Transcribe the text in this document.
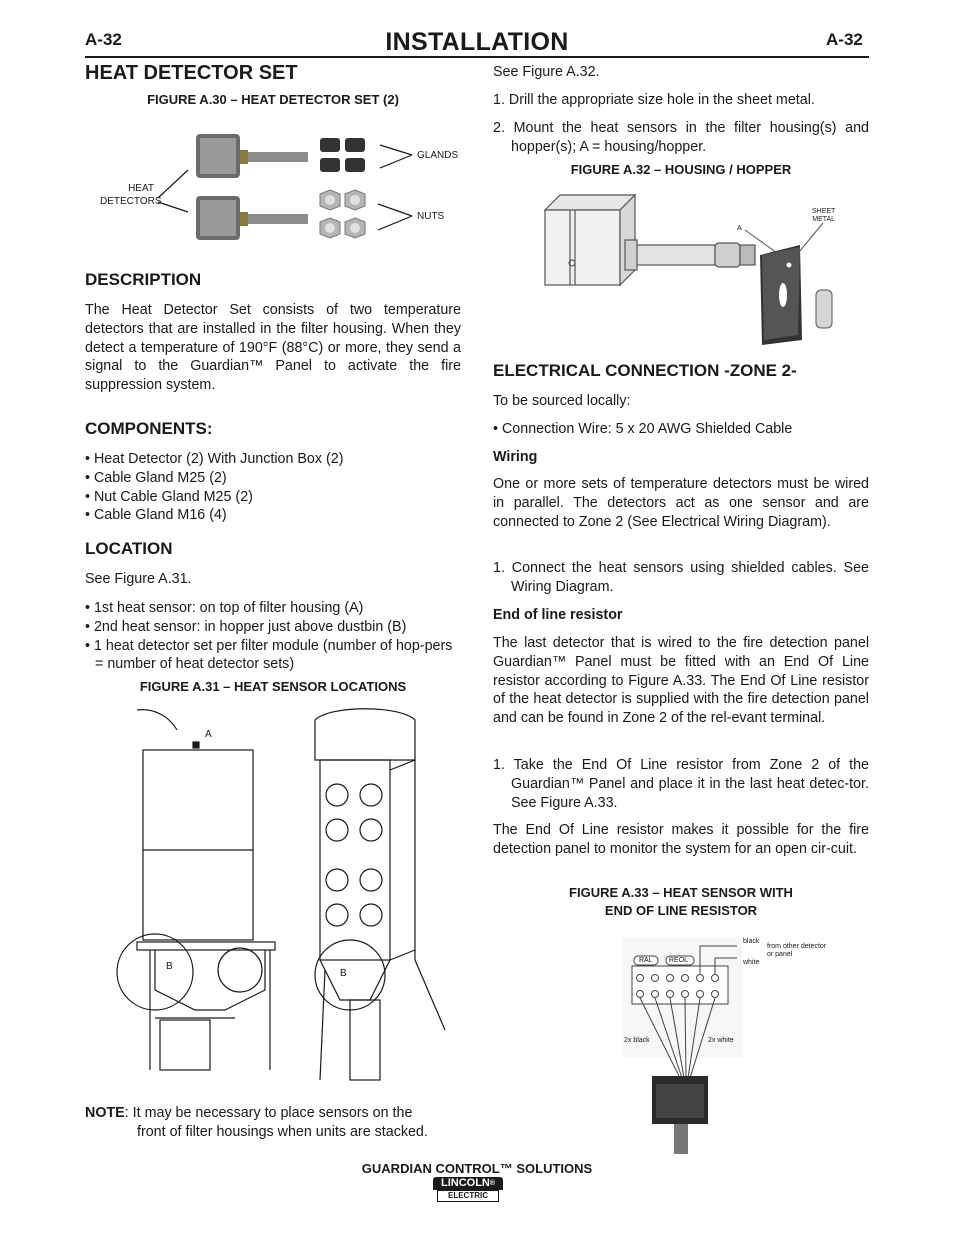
A-32	A-32
INSTALLATION
HEAT DETECTOR SET
FIGURE A.30 – HEAT DETECTOR SET (2)
HEAT
DETECTORS
GLANDS
NUTS
DESCRIPTION
The Heat Detector Set consists of two temperature detectors that are installed in the filter housing. When they detect a temperature of 190°F (88°C) or more, they send a signal to the Guardian™ Panel to activate the fire suppression system.
COMPONENTS:
• Heat Detector (2) With Junction Box (2)
• Cable Gland M25 (2)
• Nut Cable Gland M25 (2)
• Cable Gland M16 (4)
LOCATION
See Figure A.31.
• 1st heat sensor: on top of filter housing (A)
• 2nd heat sensor: in hopper just above dustbin (B)
• 1 heat detector set per filter module (number of hop-pers = number of heat detector sets)
FIGURE A.31 – HEAT SENSOR LOCATIONS
A
B
B
NOTE: It may be necessary to place sensors on the
front of filter housings when units are stacked.
See Figure A.32.

1. Drill the appropriate size hole in the sheet metal.

2. Mount the heat sensors in the filter housing(s) and hopper(s); A = housing/hopper.

FIGURE A.32 – HOUSING / HOPPER
SHEET
METAL
A
ELECTRICAL CONNECTION -ZONE 2-
To be sourced locally:
• Connection Wire: 5 x 20 AWG Shielded Cable
Wiring
One or more sets of temperature detectors must be wired in parallel. The detectors act as one sensor and are connected to Zone 2 (See Electrical Wiring Diagram).
1. Connect the heat sensors using shielded cables. See Wiring Diagram.
End of line resistor
The last detector that is wired to the fire detection panel Guardian™ Panel must be fitted with an End Of Line resistor according to Figure A.33. The End Of Line resistor of the heat detector is supplied with the fire detection panel and can be found in Zone 2 of the rel-evant terminal.
1. Take the End Of Line resistor from Zone 2 of the Guardian™ Panel and place it in the last heat detec-tor. See Figure A.33.
The End Of Line resistor makes it possible for the fire detection panel to monitor the system for an open cir-cuit.
FIGURE A.33 – HEAT SENSOR WITH
END OF LINE RESISTOR
black
from other detector
or panel
white
RAL REOL
2x black	2x white
GUARDIAN CONTROL™ SOLUTIONS
LINCOLN®
ELECTRIC
